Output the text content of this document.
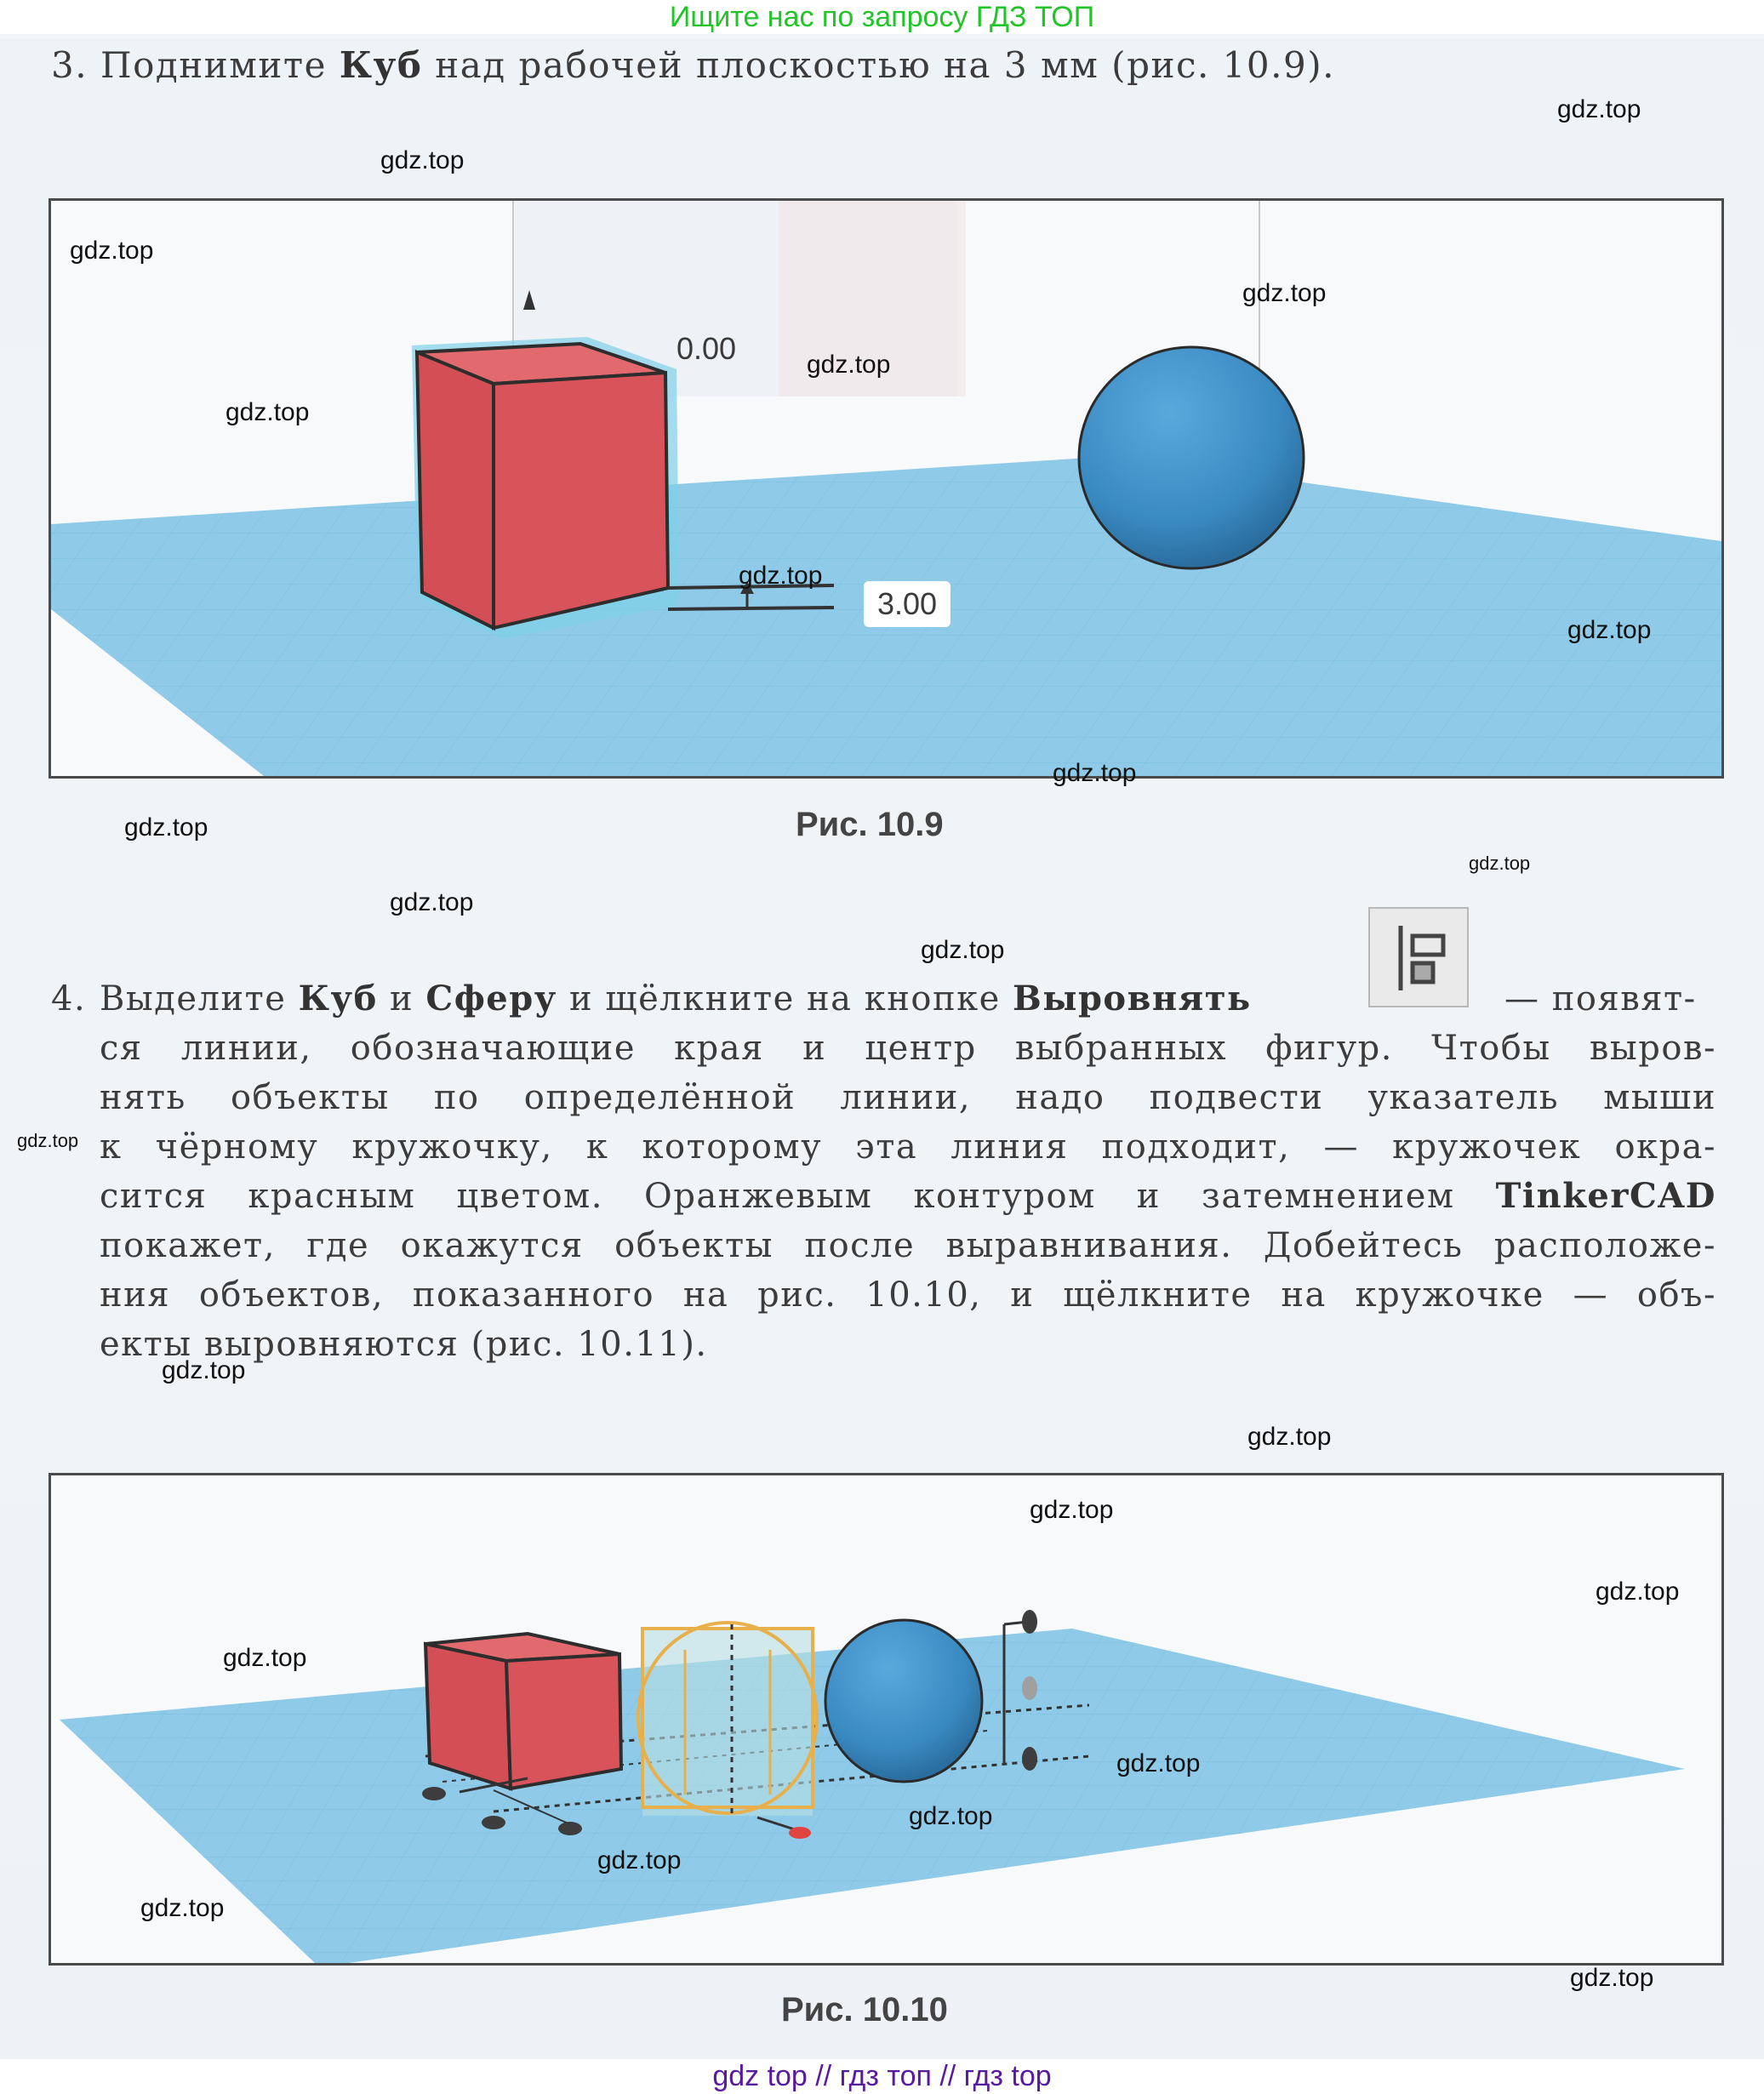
Ищите нас по запросу ГДЗ ТОП
3. Поднимите Куб над рабочей плоскостью на 3 мм (рис. 10.9).
0.00
3.00
Рис. 10.9
4. Выделите Куб и Сферу и щёлкните на кнопке Выровнять	— появят-
ся линии, обозначающие края и центр выбранных фигур. Чтобы выров-
нять объекты по определённой линии, надо подвести указатель мыши
к чёрному кружочку, к которому эта линия подходит, — кружочек окра-
сится красным цветом. Оранжевым контуром и затемнением TinkerCAD
покажет, где окажутся объекты после выравнивания. Добейтесь расположе-
ния объектов, показанного на рис. 10.10, и щёлкните на кружочке — объ-
екты выровняются (рис. 10.11).
Рис. 10.10
gdz.top
gdz.top
gdz.top
gdz.top
gdz.top
gdz.top
gdz.top
gdz.top
gdz.top
gdz.top
gdz.top
gdz.top
gdz.top
gdz.top
gdz.top
gdz.top
gdz.top
gdz.top
gdz.top
gdz.top
gdz.top
gdz.top
gdz.top
gdz.top
gdz top // гдз топ // гдз top
